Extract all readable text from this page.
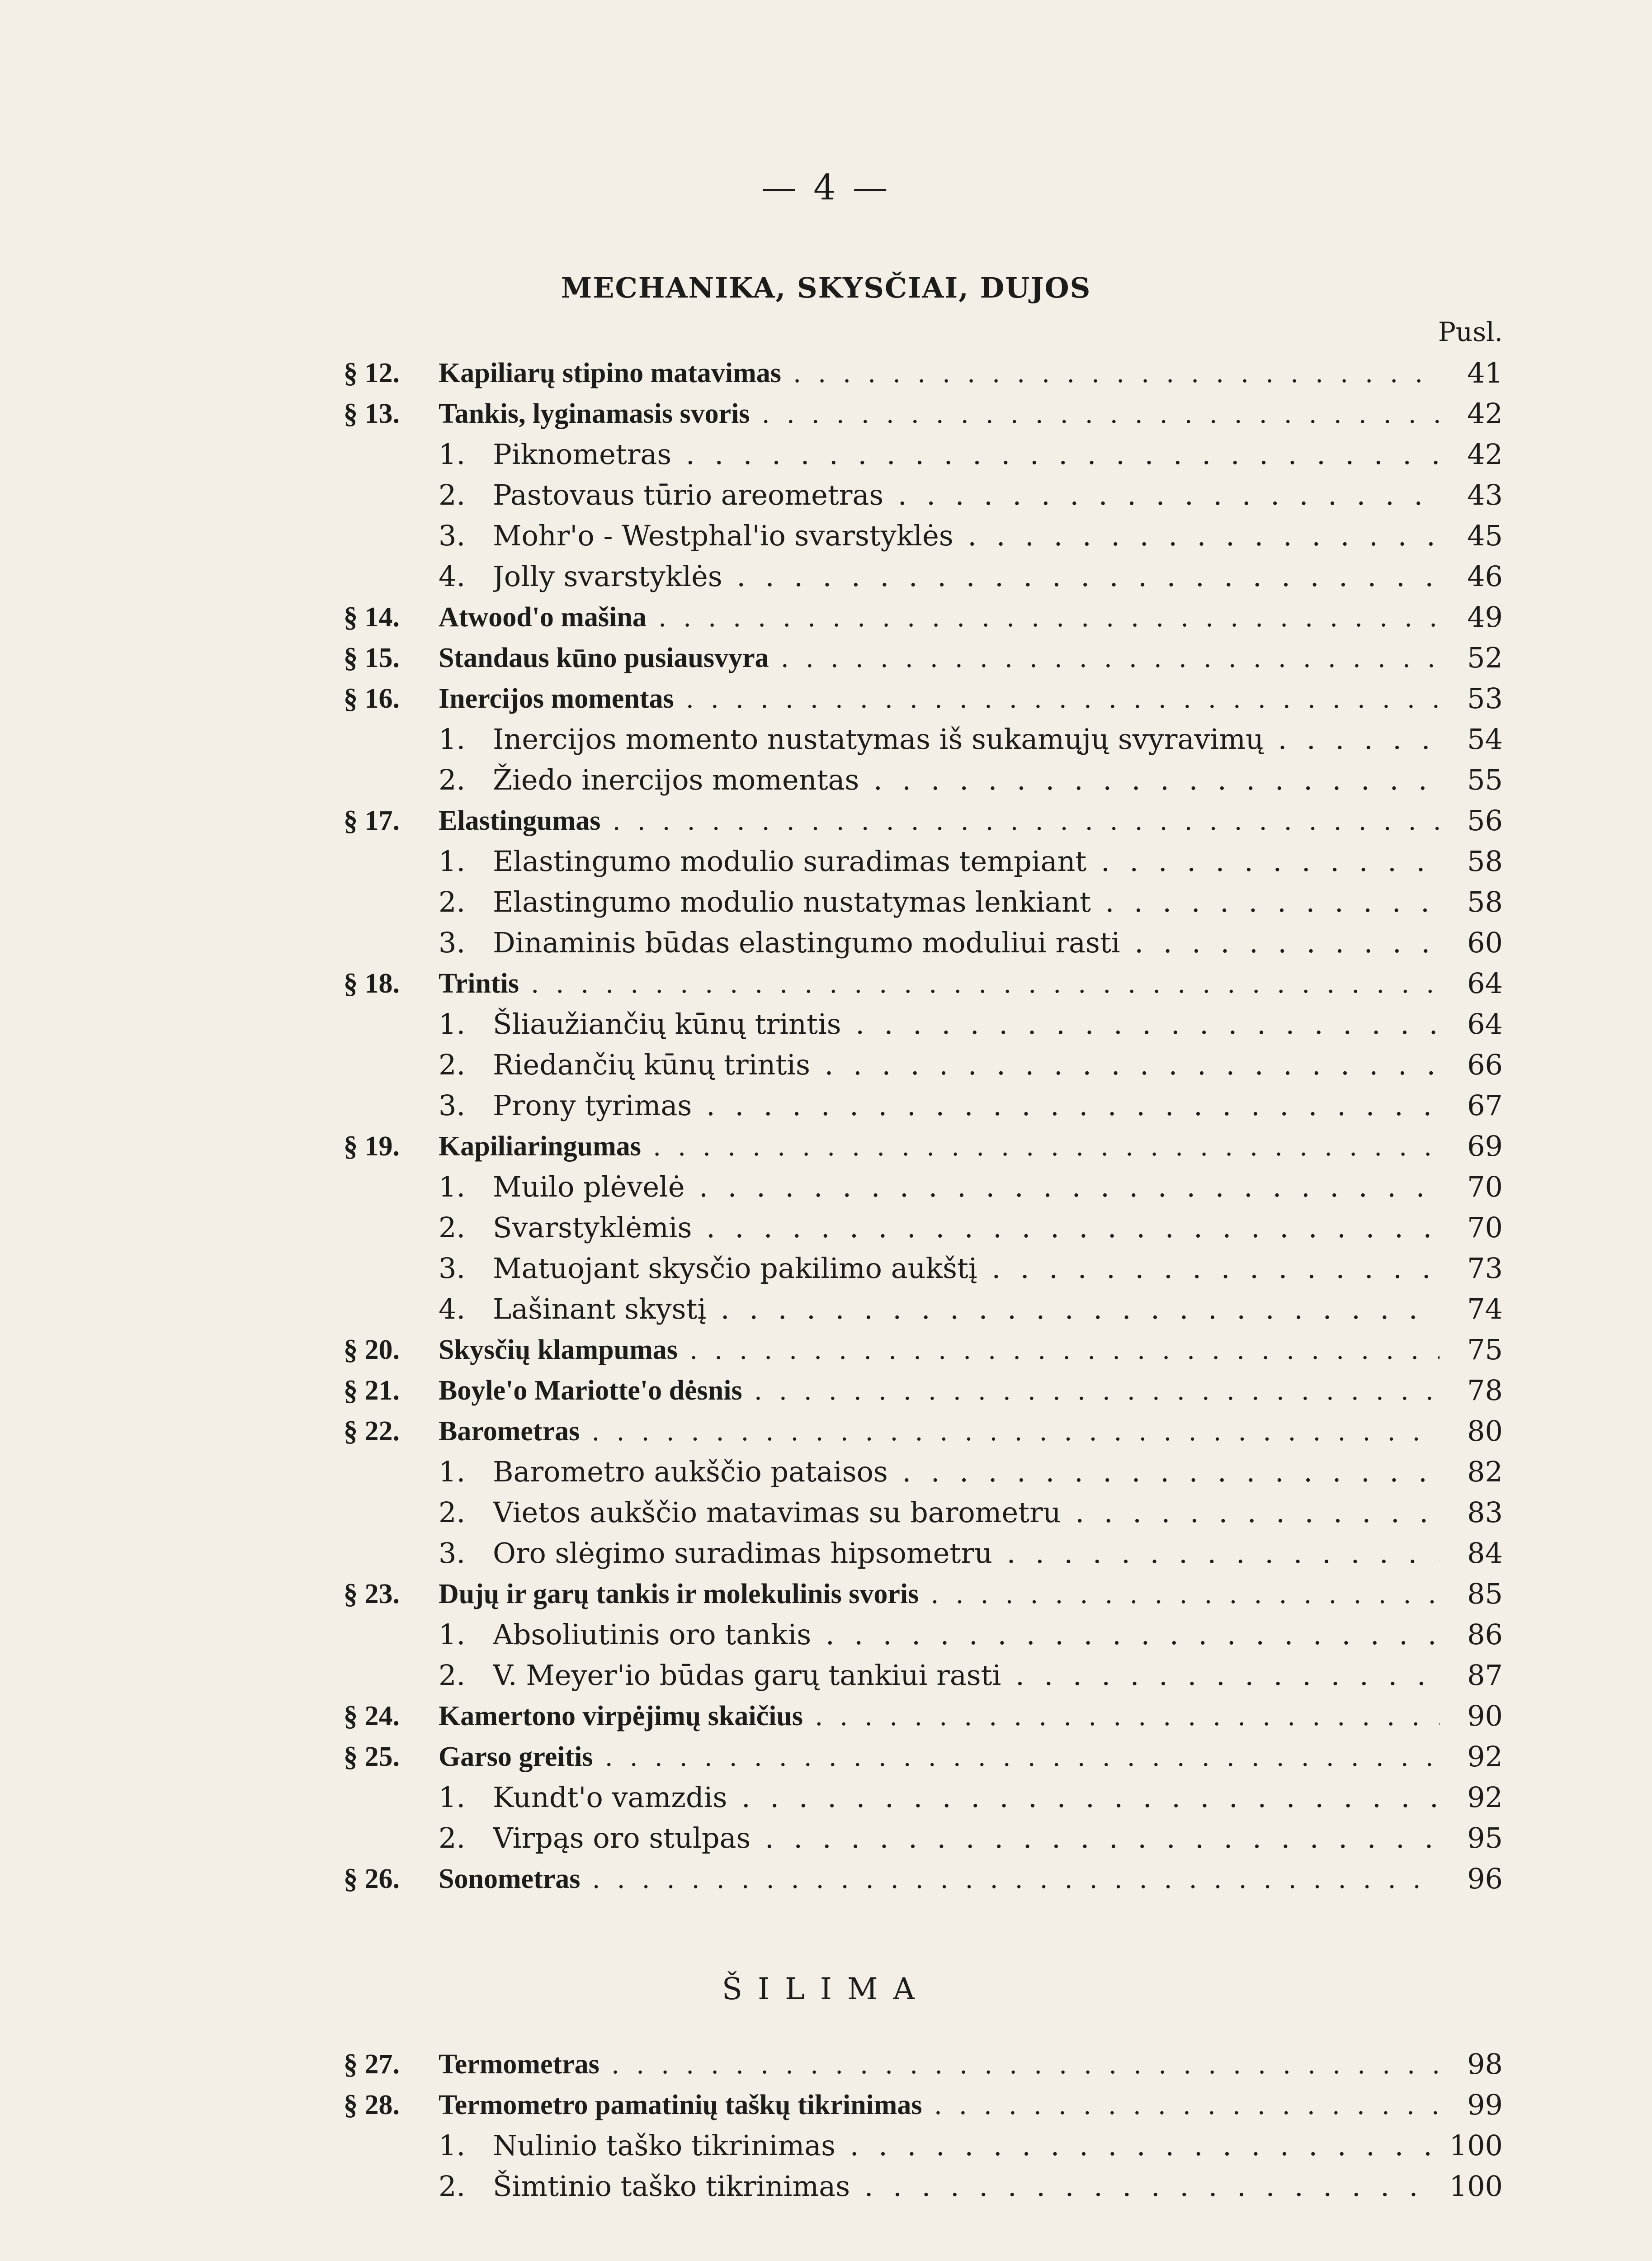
— 4 —
MECHANIKA, SKYSČIAI, DUJOS
Pusl.
§ 12.	Kapiliarų stipino matavimas . . .	41
§ 13.	Tankis, lyginamasis svoris . . .	42
1. Piknometras . . .	42
2. Pastovaus tūrio areometras . . .	43
3. Mohr'o - Westphal'io svarstyklės . . .	45
4. Jolly svarstyklės . . .	46
§ 14.	Atwood'o mašina . . .	49
§ 15.	Standaus kūno pusiausvyra . . .	52
§ 16.	Inercijos momentas . . .	53
1. Inercijos momento nustatymas iš sukamųjų svyravimų . . .	54
2. Žiedo inercijos momentas . . .	55
§ 17.	Elastingumas . . .	56
1. Elastingumo modulio suradimas tempiant . . .	58
2. Elastingumo modulio nustatymas lenkiant . . .	58
3. Dinaminis būdas elastingumo moduliui rasti . . .	60
§ 18.	Trintis . . .	64
1. Šliaužiančių kūnų trintis . . .	64
2. Riedančių kūnų trintis . . .	66
3. Prony tyrimas . . .	67
§ 19.	Kapiliaringumas . . .	69
1. Muilo plėvelė . . .	70
2. Svarstyklėmis . . .	70
3. Matuojant skysčio pakilimo aukštį . . .	73
4. Lašinant skystį . . .	74
§ 20.	Skysčių klampumas . . .	75
§ 21.	Boyle'o Mariotte'o dėsnis . . .	78
§ 22.	Barometras . . .	80
1. Barometro aukščio pataisos . . .	82
2. Vietos aukščio matavimas su barometru . . .	83
3. Oro slėgimo suradimas hipsometru . . .	84
§ 23.	Dujų ir garų tankis ir molekulinis svoris . . .	85
1. Absoliutinis oro tankis . . .	86
2. V. Meyer'io būdas garų tankiui rasti . . .	87
§ 24.	Kamertono virpėjimų skaičius . . .	90
§ 25.	Garso greitis . . .	92
1. Kundt'o vamzdis . . .	92
2. Virpąs oro stulpas . . .	95
§ 26.	Sonometras . . .	96
ŠILIMA
§ 27.	Termometras . . .	98
§ 28.	Termometro pamatinių taškų tikrinimas . . .	99
1. Nulinio taško tikrinimas . . .	100
2. Šimtinio taško tikrinimas . . .	100
